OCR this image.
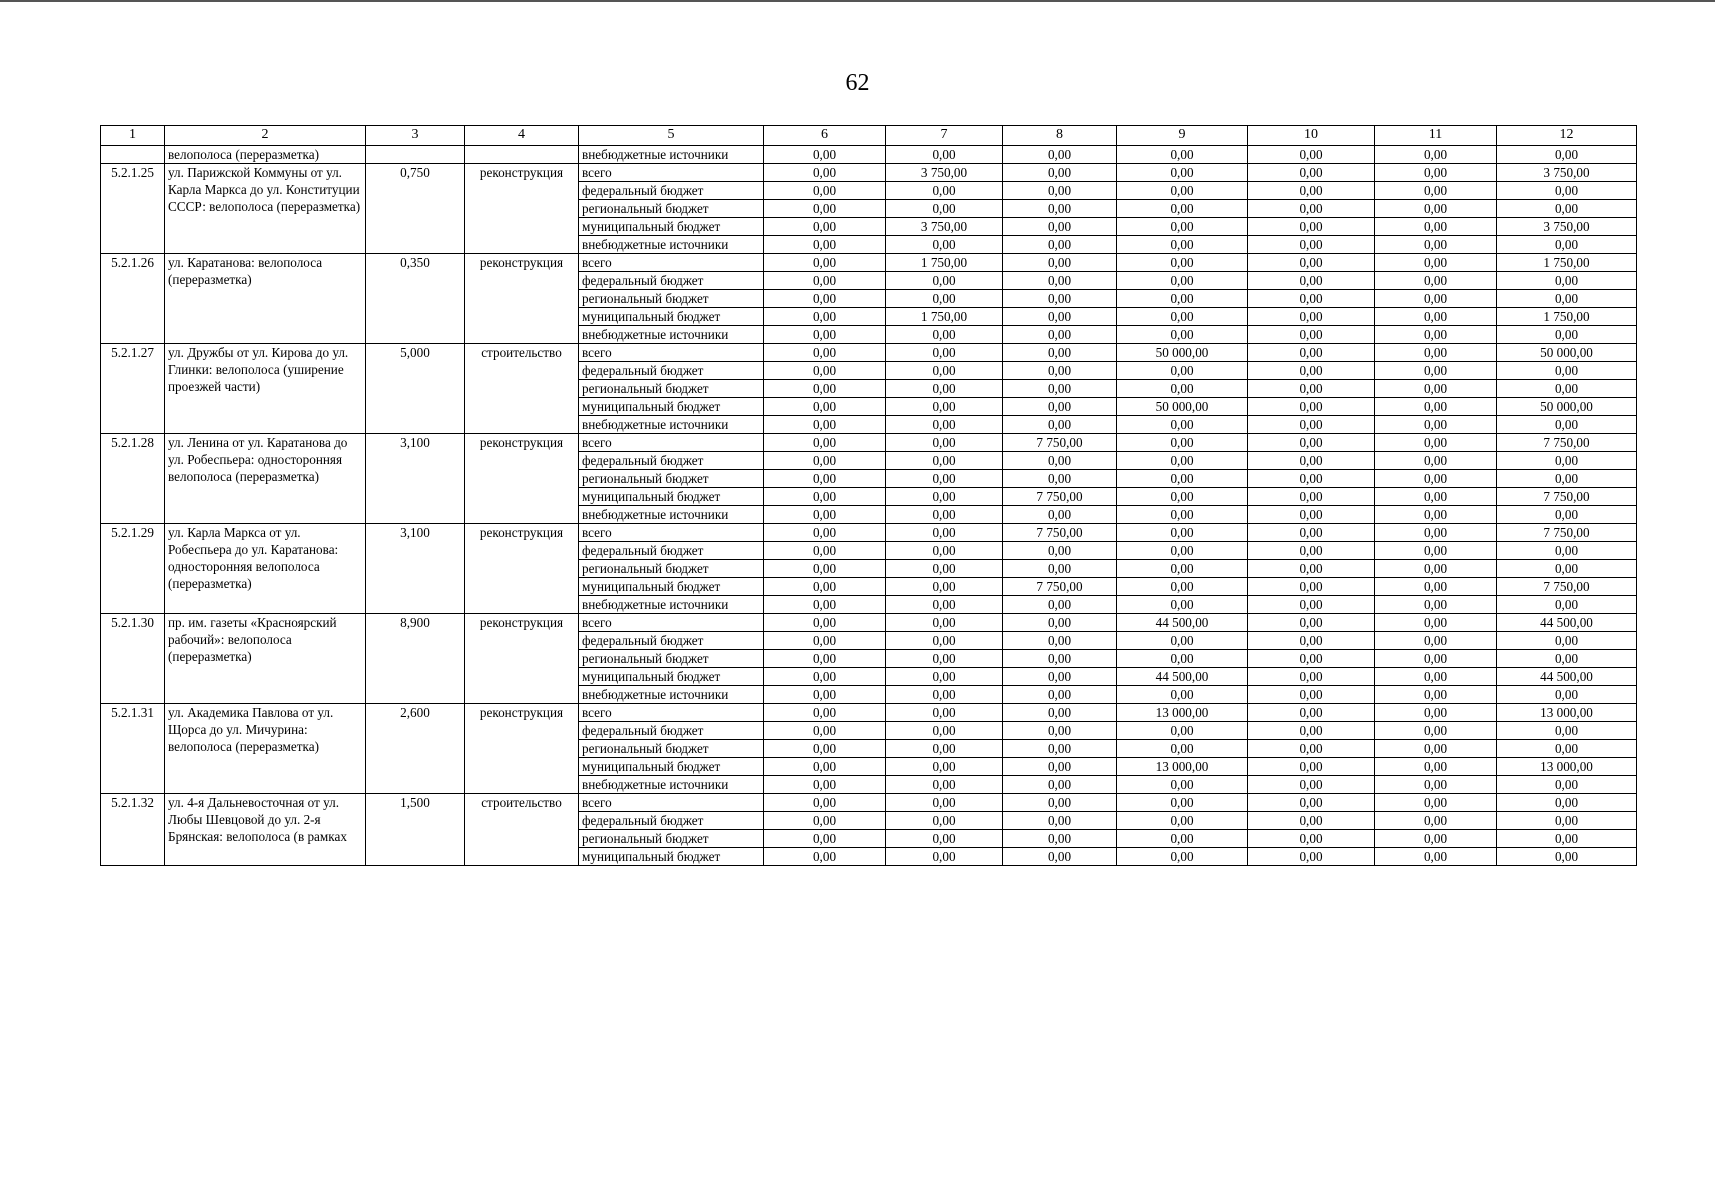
62
1	2	3	4	5	6	7	8	9	10	11	12
	велополоса (переразметка)			внебюджетные источники	0,00	0,00	0,00	0,00	0,00	0,00	0,00
5.2.1.25	ул. Парижской Коммуны от ул. Карла Маркса до ул. Конституции СССР: велополоса (переразметка)	0,750	реконструкция	всего	0,00	3 750,00	0,00	0,00	0,00	0,00	3 750,00
				федеральный бюджет	0,00	0,00	0,00	0,00	0,00	0,00	0,00
				региональный бюджет	0,00	0,00	0,00	0,00	0,00	0,00	0,00
				муниципальный бюджет	0,00	3 750,00	0,00	0,00	0,00	0,00	3 750,00
				внебюджетные источники	0,00	0,00	0,00	0,00	0,00	0,00	0,00
5.2.1.26	ул. Каратанова: велополоса (переразметка)	0,350	реконструкция	всего	0,00	1 750,00	0,00	0,00	0,00	0,00	1 750,00
				федеральный бюджет	0,00	0,00	0,00	0,00	0,00	0,00	0,00
				региональный бюджет	0,00	0,00	0,00	0,00	0,00	0,00	0,00
				муниципальный бюджет	0,00	1 750,00	0,00	0,00	0,00	0,00	1 750,00
				внебюджетные источники	0,00	0,00	0,00	0,00	0,00	0,00	0,00
5.2.1.27	ул. Дружбы от ул. Кирова до ул. Глинки: велополоса (уширение проезжей части)	5,000	строительство	всего	0,00	0,00	0,00	50 000,00	0,00	0,00	50 000,00
				федеральный бюджет	0,00	0,00	0,00	0,00	0,00	0,00	0,00
				региональный бюджет	0,00	0,00	0,00	0,00	0,00	0,00	0,00
				муниципальный бюджет	0,00	0,00	0,00	50 000,00	0,00	0,00	50 000,00
				внебюджетные источники	0,00	0,00	0,00	0,00	0,00	0,00	0,00
5.2.1.28	ул. Ленина от ул. Каратанова до ул. Робеспьера: односторонняя велополоса (переразметка)	3,100	реконструкция	всего	0,00	0,00	7 750,00	0,00	0,00	0,00	7 750,00
				федеральный бюджет	0,00	0,00	0,00	0,00	0,00	0,00	0,00
				региональный бюджет	0,00	0,00	0,00	0,00	0,00	0,00	0,00
				муниципальный бюджет	0,00	0,00	7 750,00	0,00	0,00	0,00	7 750,00
				внебюджетные источники	0,00	0,00	0,00	0,00	0,00	0,00	0,00
5.2.1.29	ул. Карла Маркса от ул. Робеспьера до ул. Каратанова: односторонняя велополоса (переразметка)	3,100	реконструкция	всего	0,00	0,00	7 750,00	0,00	0,00	0,00	7 750,00
				федеральный бюджет	0,00	0,00	0,00	0,00	0,00	0,00	0,00
				региональный бюджет	0,00	0,00	0,00	0,00	0,00	0,00	0,00
				муниципальный бюджет	0,00	0,00	7 750,00	0,00	0,00	0,00	7 750,00
				внебюджетные источники	0,00	0,00	0,00	0,00	0,00	0,00	0,00
5.2.1.30	пр. им. газеты «Красноярский рабочий»: велополоса (переразметка)	8,900	реконструкция	всего	0,00	0,00	0,00	44 500,00	0,00	0,00	44 500,00
				федеральный бюджет	0,00	0,00	0,00	0,00	0,00	0,00	0,00
				региональный бюджет	0,00	0,00	0,00	0,00	0,00	0,00	0,00
				муниципальный бюджет	0,00	0,00	0,00	44 500,00	0,00	0,00	44 500,00
				внебюджетные источники	0,00	0,00	0,00	0,00	0,00	0,00	0,00
5.2.1.31	ул. Академика Павлова от ул. Щорса до ул. Мичурина: велополоса (переразметка)	2,600	реконструкция	всего	0,00	0,00	0,00	13 000,00	0,00	0,00	13 000,00
				федеральный бюджет	0,00	0,00	0,00	0,00	0,00	0,00	0,00
				региональный бюджет	0,00	0,00	0,00	0,00	0,00	0,00	0,00
				муниципальный бюджет	0,00	0,00	0,00	13 000,00	0,00	0,00	13 000,00
				внебюджетные источники	0,00	0,00	0,00	0,00	0,00	0,00	0,00
5.2.1.32	ул. 4-я Дальневосточная от ул. Любы Шевцовой до ул. 2-я Брянская: велополоса (в рамках	1,500	строительство	всего	0,00	0,00	0,00	0,00	0,00	0,00	0,00
				федеральный бюджет	0,00	0,00	0,00	0,00	0,00	0,00	0,00
				региональный бюджет	0,00	0,00	0,00	0,00	0,00	0,00	0,00
				муниципальный бюджет	0,00	0,00	0,00	0,00	0,00	0,00	0,00
